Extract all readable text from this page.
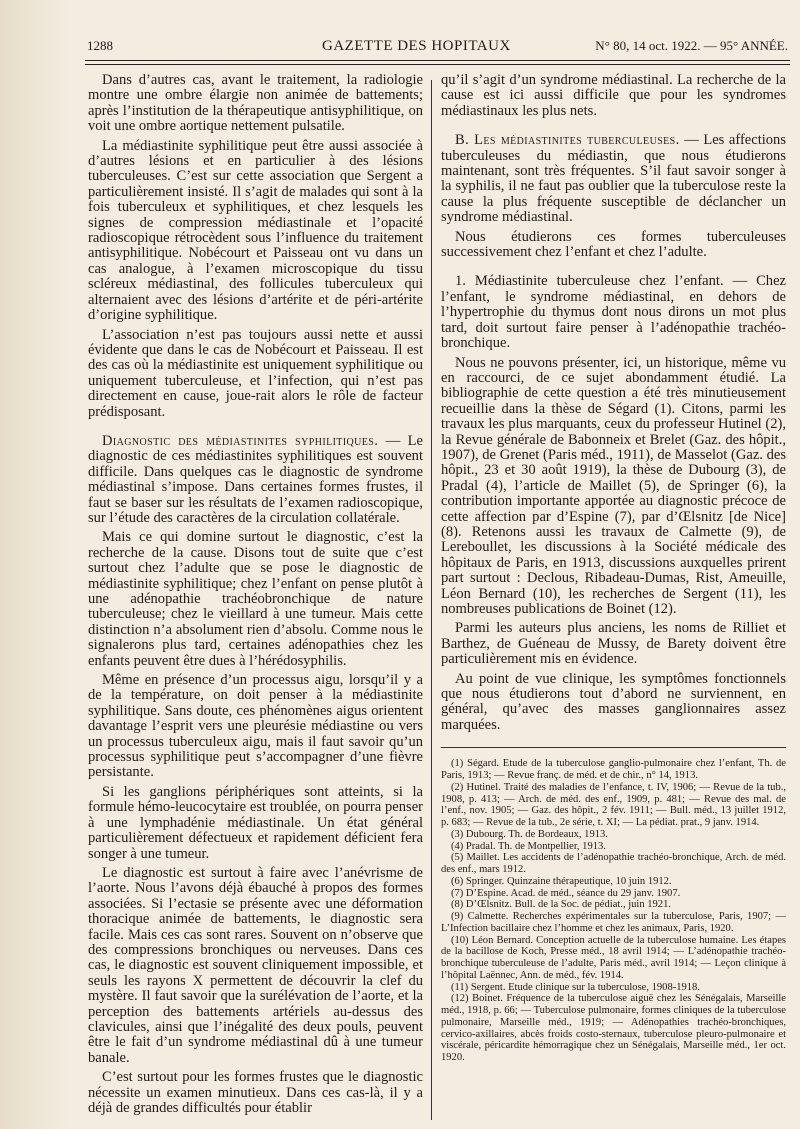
1288	GAZETTE DES HOPITAUX	N° 80, 14 oct. 1922. — 95° ANNÉE.

Dans d’autres cas, avant le traitement, la radiologie montre une ombre élargie non animée de battements; après l’institution de la thérapeutique antisyphilitique, on voit une ombre aortique nettement pulsatile.

La médiastinite syphilitique peut être aussi associée à d’autres lésions et en particulier à des lésions tuberculeuses. C’est sur cette association que Sergent a particulièrement insisté. Il s’agit de malades qui sont à la fois tuberculeux et syphilitiques, et chez lesquels les signes de compression médiastinale et l’opacité radioscopique rétrocèdent sous l’influence du traitement antisyphilitique. Nobécourt et Paisseau ont vu dans un cas analogue, à l’examen microscopique du tissu scléreux médiastinal, des follicules tuberculeux qui alternaient avec des lésions d’artérite et de péri-artérite d’origine syphilitique.

L’association n’est pas toujours aussi nette et aussi évidente que dans le cas de Nobécourt et Paisseau. Il est des cas où la médiastinite est uniquement syphilitique ou uniquement tuberculeuse, et l’infection, qui n’est pas directement en cause, joue-rait alors le rôle de facteur prédisposant.

Diagnostic des médiastinites syphilitiques. — Le diagnostic de ces médiastinites syphilitiques est souvent difficile. Dans quelques cas le diagnostic de syndrome médiastinal s’impose. Dans certaines formes frustes, il faut se baser sur les résultats de l’examen radioscopique, sur l’étude des caractères de la circulation collatérale.

Mais ce qui domine surtout le diagnostic, c’est la recherche de la cause. Disons tout de suite que c’est surtout chez l’adulte que se pose le diagnostic de médiastinite syphilitique; chez l’enfant on pense plutôt à une adénopathie trachéobronchique de nature tuberculeuse; chez le vieillard à une tumeur. Mais cette distinction n’a absolument rien d’absolu. Comme nous le signalerons plus tard, certaines adénopathies chez les enfants peuvent être dues à l’hérédosyphilis.

Même en présence d’un processus aigu, lorsqu’il y a de la température, on doit penser à la médiastinite syphilitique. Sans doute, ces phénomènes aigus orientent davantage l’esprit vers une pleurésie médiastine ou vers un processus tuberculeux aigu, mais il faut savoir qu’un processus syphilitique peut s’accompagner d’une fièvre persistante.

Si les ganglions périphériques sont atteints, si la formule hémo-leucocytaire est troublée, on pourra penser à une lymphadénie médiastinale. Un état général particulièrement défectueux et rapidement déficient fera songer à une tumeur.

Le diagnostic est surtout à faire avec l’anévrisme de l’aorte. Nous l’avons déjà ébauché à propos des formes associées. Si l’ectasie se présente avec une déformation thoracique animée de battements, le diagnostic sera facile. Mais ces cas sont rares. Souvent on n’observe que des compressions bronchiques ou nerveuses. Dans ces cas, le diagnostic est souvent cliniquement impossible, et seuls les rayons X permettent de découvrir la clef du mystère. Il faut savoir que la surélévation de l’aorte, et la perception des battements artériels au-dessus des clavicules, ainsi que l’inégalité des deux pouls, peuvent être le fait d’un syndrome médiastinal dû à une tumeur banale.

C’est surtout pour les formes frustes que le diagnostic nécessite un examen minutieux. Dans ces cas-là, il y a déjà de grandes difficultés pour établir

qu’il s’agit d’un syndrome médiastinal. La recherche de la cause est ici aussi difficile que pour les syndromes médiastinaux les plus nets.

B. Les médiastinites tuberculeuses. — Les affections tuberculeuses du médiastin, que nous étudierons maintenant, sont très fréquentes. S’il faut savoir songer à la syphilis, il ne faut pas oublier que la tuberculose reste la cause la plus fréquente susceptible de déclancher un syndrome médiastinal.

Nous étudierons ces formes tuberculeuses successivement chez l’enfant et chez l’adulte.

1. Médiastinite tuberculeuse chez l’enfant. — Chez l’enfant, le syndrome médiastinal, en dehors de l’hypertrophie du thymus dont nous dirons un mot plus tard, doit surtout faire penser à l’adénopathie trachéo-bronchique.

Nous ne pouvons présenter, ici, un historique, même vu en raccourci, de ce sujet abondamment étudié. La bibliographie de cette question a été très minutieusement recueillie dans la thèse de Ségard (1). Citons, parmi les travaux les plus marquants, ceux du professeur Hutinel (2), la Revue générale de Babonneix et Brelet (Gaz. des hôpit., 1907), de Grenet (Paris méd., 1911), de Masselot (Gaz. des hôpit., 23 et 30 août 1919), la thèse de Dubourg (3), de Pradal (4), l’article de Maillet (5), de Springer (6), la contribution importante apportée au diagnostic précoce de cette affection par d’Espine (7), par d’Œlsnitz [de Nice] (8). Retenons aussi les travaux de Calmette (9), de Lereboullet, les discussions à la Société médicale des hôpitaux de Paris, en 1913, discussions auxquelles prirent part surtout : Declous, Ribadeau-Dumas, Rist, Ameuille, Léon Bernard (10), les recherches de Sergent (11), les nombreuses publications de Boinet (12).

Parmi les auteurs plus anciens, les noms de Rilliet et Barthez, de Guéneau de Mussy, de Barety doivent être particulièrement mis en évidence.

Au point de vue clinique, les symptômes fonctionnels que nous étudierons tout d’abord ne surviennent, en général, qu’avec des masses ganglionnaires assez marquées.

(1) Ségard. Etude de la tuberculose ganglio-pulmonaire chez l’enfant, Th. de Paris, 1913; — Revue franç. de méd. et de chir., n° 14, 1913.

(2) Hutinel. Traité des maladies de l’enfance, t. IV, 1906; — Revue de la tub., 1908, p. 413; — Arch. de méd. des enf., 1909, p. 481; — Revue des mal. de l’enf., nov. 1905; — Gaz. des hôpit., 2 fév. 1911; — Bull. méd., 13 juillet 1912, p. 683; — Revue de la tub., 2e série, t. XI; — La pédiat. prat., 9 janv. 1914.

(3) Dubourg. Th. de Bordeaux, 1913.

(4) Pradal. Th. de Montpellier, 1913.

(5) Maillet. Les accidents de l’adénopathie trachéo-bronchique, Arch. de méd. des enf., mars 1912.

(6) Springer. Quinzaine thérapeutique, 10 juin 1912.

(7) D’Espine. Acad. de méd., séance du 29 janv. 1907.

(8) D’Œlsnitz. Bull. de la Soc. de pédiat., juin 1921.

(9) Calmette. Recherches expérimentales sur la tuberculose, Paris, 1907; — L’Infection bacillaire chez l’homme et chez les animaux, Paris, 1920.

(10) Léon Bernard. Conception actuelle de la tuberculose humaine. Les étapes de la bacillose de Koch, Presse méd., 18 avril 1914; — L’adénopathie trachéo-bronchique tuberculeuse de l’adulte, Paris méd., avril 1914; — Leçon clinique à l’hôpital Laënnec, Ann. de méd., fév. 1914.

(11) Sergent. Etude clinique sur la tuberculose, 1908-1918.

(12) Boinet. Fréquence de la tuberculose aiguë chez les Sénégalais, Marseille méd., 1918, p. 66; — Tuberculose pulmonaire, formes cliniques de la tuberculose pulmonaire, Marseille méd., 1919; — Adénopathies trachéo-bronchiques, cervico-axillaires, abcès froids costo-sternaux, tuberculose pleuro-pulmonaire et viscérale, péricardite hémorragique chez un Sénégalais, Marseille méd., 1er oct. 1920.
